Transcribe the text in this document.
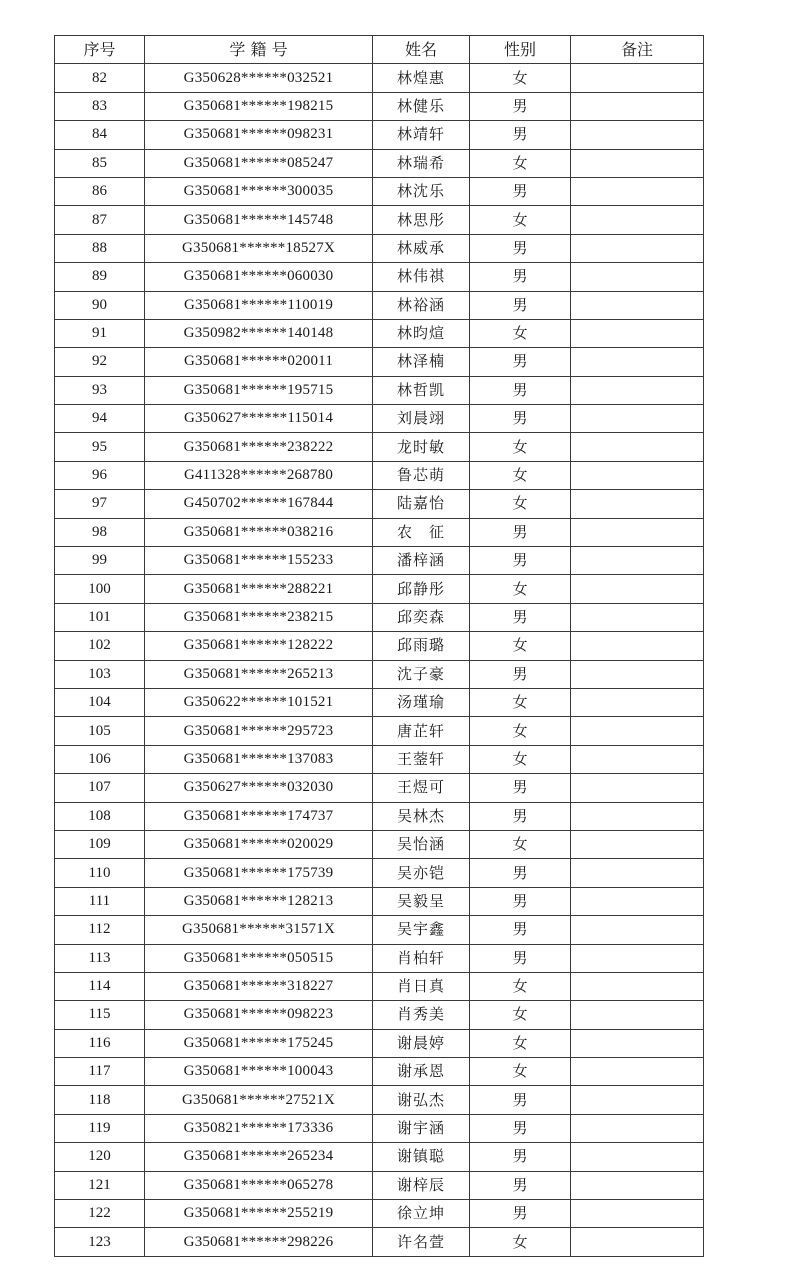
序号	学 籍 号	姓名	性别	备注
82	G350628******032521	林煌惠	女	
83	G350681******198215	林健乐	男	
84	G350681******098231	林靖轩	男	
85	G350681******085247	林瑞希	女	
86	G350681******300035	林沈乐	男	
87	G350681******145748	林思彤	女	
88	G350681******18527X	林威承	男	
89	G350681******060030	林伟祺	男	
90	G350681******110019	林裕涵	男	
91	G350982******140148	林昀煊	女	
92	G350681******020011	林泽楠	男	
93	G350681******195715	林哲凯	男	
94	G350627******115014	刘晨翊	男	
95	G350681******238222	龙时敏	女	
96	G411328******268780	鲁芯萌	女	
97	G450702******167844	陆嘉怡	女	
98	G350681******038216	农　征	男	
99	G350681******155233	潘梓涵	男	
100	G350681******288221	邱静彤	女	
101	G350681******238215	邱奕森	男	
102	G350681******128222	邱雨璐	女	
103	G350681******265213	沈子豪	男	
104	G350622******101521	汤瑾瑜	女	
105	G350681******295723	唐芷轩	女	
106	G350681******137083	王蓥轩	女	
107	G350627******032030	王煜可	男	
108	G350681******174737	吴林杰	男	
109	G350681******020029	吴怡涵	女	
110	G350681******175739	吴亦铠	男	
111	G350681******128213	吴毅呈	男	
112	G350681******31571X	吴宇鑫	男	
113	G350681******050515	肖柏轩	男	
114	G350681******318227	肖日真	女	
115	G350681******098223	肖秀美	女	
116	G350681******175245	谢晨婷	女	
117	G350681******100043	谢承恩	女	
118	G350681******27521X	谢弘杰	男	
119	G350821******173336	谢宇涵	男	
120	G350681******265234	谢镇聪	男	
121	G350681******065278	谢梓辰	男	
122	G350681******255219	徐立坤	男	
123	G350681******298226	许名萱	女	
